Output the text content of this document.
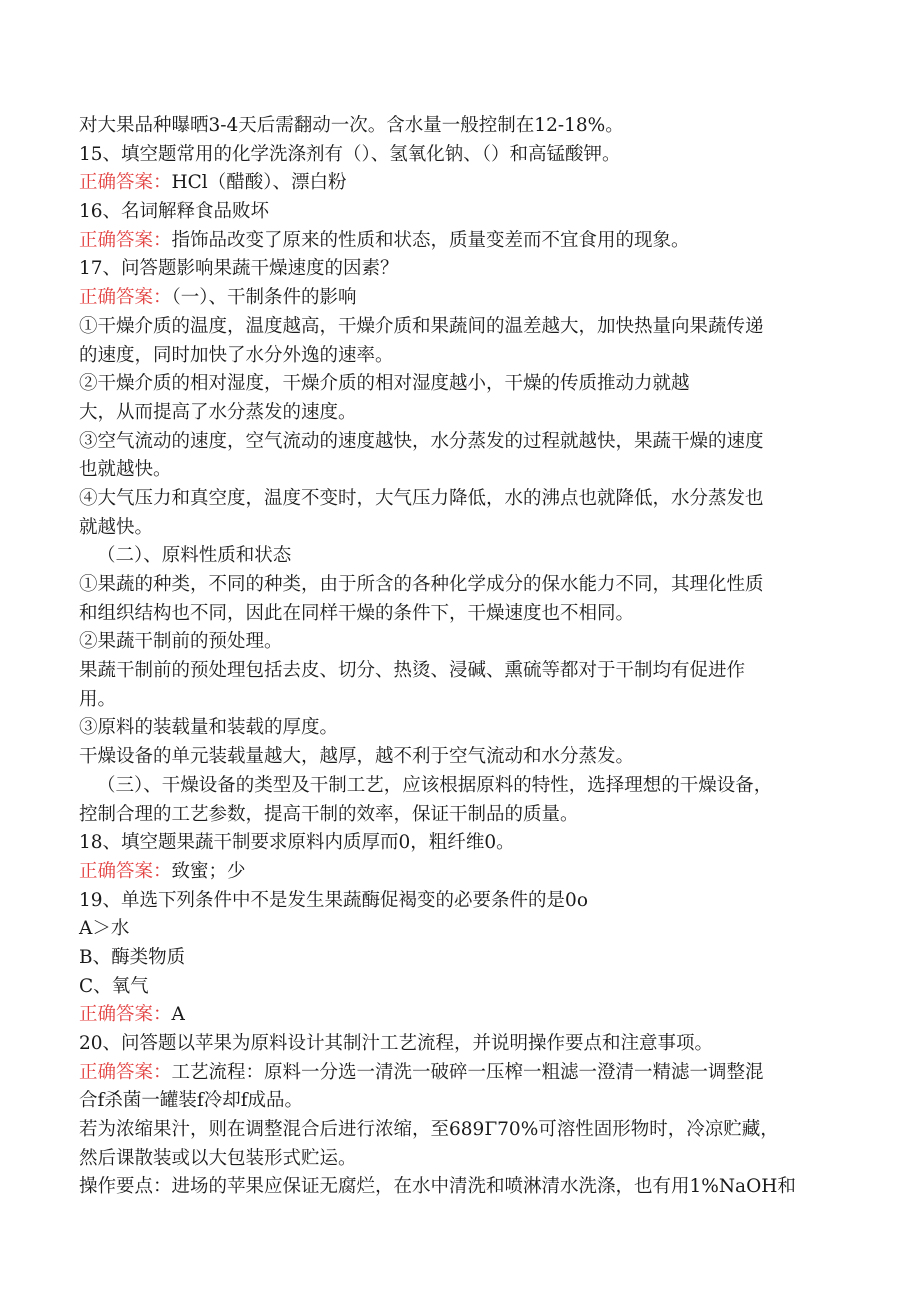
对大果品种曝晒3-4天后需翻动一次。含水量一般控制在12-18%。
15、填空题常用的化学洗涤剂有（）、氢氧化钠、（）和高锰酸钾。
正确答案：HCl（醋酸）、漂白粉
16、名词解释食品败坏
正确答案：指饰品改变了原来的性质和状态，质量变差而不宜食用的现象。
17、问答题影响果蔬干燥速度的因素？
正确答案：（一）、干制条件的影响
①干燥介质的温度，温度越高，干燥介质和果蔬间的温差越大，加快热量向果蔬传递
的速度，同时加快了水分外逸的速率。
②干燥介质的相对湿度，干燥介质的相对湿度越小，干燥的传质推动力就越
大，从而提高了水分蒸发的速度。
③空气流动的速度，空气流动的速度越快，水分蒸发的过程就越快，果蔬干燥的速度
也就越快。
④大气压力和真空度，温度不变时，大气压力降低，水的沸点也就降低，水分蒸发也
就越快。
（二）、原料性质和状态
①果蔬的种类，不同的种类，由于所含的各种化学成分的保水能力不同，其理化性质
和组织结构也不同，因此在同样干燥的条件下，干燥速度也不相同。
②果蔬干制前的预处理。
果蔬干制前的预处理包括去皮、切分、热烫、浸碱、熏硫等都对于干制均有促进作
用。
③原料的装载量和装载的厚度。
干燥设备的单元装载量越大，越厚，越不利于空气流动和水分蒸发。
（三）、干燥设备的类型及干制工艺，应该根据原料的特性，选择理想的干燥设备，
控制合理的工艺参数，提高干制的效率，保证干制品的质量。
18、填空题果蔬干制要求原料内质厚而0，粗纤维0。
正确答案：致蜜；少
19、单选下列条件中不是发生果蔬酶促褐变的必要条件的是0o
A＞水
B、酶类物质
C、氧气
正确答案：A
20、问答题以苹果为原料设计其制汁工艺流程，并说明操作要点和注意事项。
正确答案：工艺流程：原料一分选一清洗一破碎一压榨一粗滤一澄清一精滤一调整混
合f杀菌一罐装f冷却f成品。
若为浓缩果汁，则在调整混合后进行浓缩，至689Γ70%可溶性固形物时，冷凉贮藏，
然后课散装或以大包装形式贮运。
操作要点：进场的苹果应保证无腐烂，在水中清洗和喷淋清水洗涤，也有用1%NaOH和
